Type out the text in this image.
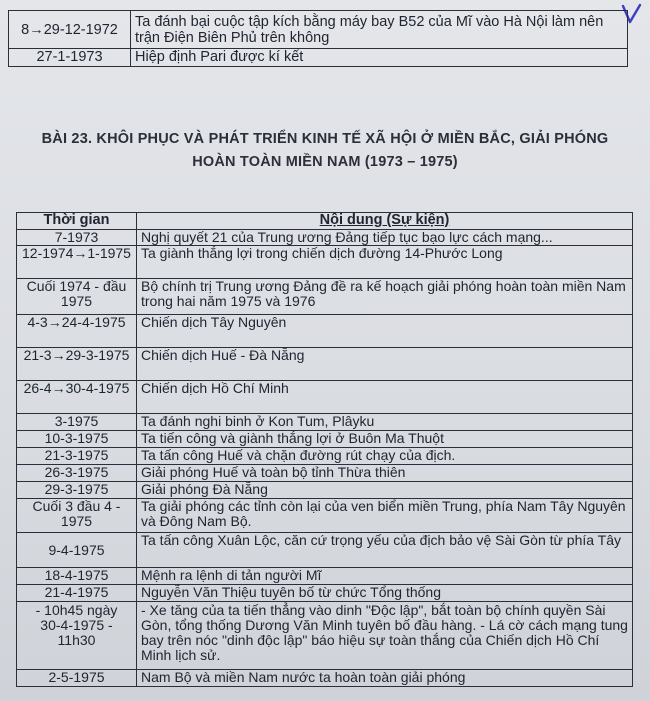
8→29-12-1972	Ta đánh bại cuộc tập kích bằng máy bay B52 của Mĩ vào Hà Nội làm nên trận Điện Biên Phủ trên không
27-1-1973	Hiệp định Pari được kí kết
BÀI 23. KHÔI PHỤC VÀ PHÁT TRIỂN KINH TẾ XÃ HỘI Ở MIỀN BẮC, GIẢI PHÓNG
HOÀN TOÀN MIỀN NAM (1973 – 1975)
Thời gian	Nội dung (Sự kiện)
7-1973	Nghị quyết 21 của Trung ương Đảng tiếp tục bạo lực cách mạng...
12-1974→1-1975	Ta giành thắng lợi trong chiến dịch đường 14-Phước Long
Cuối 1974 - đầu 1975	Bộ chính trị Trung ương Đảng đề ra kế hoạch giải phóng hoàn toàn miền Nam trong hai năm 1975 và 1976
4-3→24-4-1975	Chiến dịch Tây Nguyên
21-3→29-3-1975	Chiến dịch Huế - Đà Nẵng
26-4→30-4-1975	Chiến dịch Hồ Chí Minh
3-1975	Ta đánh nghi binh ở Kon Tum, Plâyku
10-3-1975	Ta tiến công và giành thắng lợi ở Buôn Ma Thuột
21-3-1975	Ta tấn công Huế và chặn đường rút chạy của địch.
26-3-1975	Giải phóng Huế và toàn bộ tỉnh Thừa thiên
29-3-1975	Giải phóng Đà Nẵng
Cuối 3 đầu 4 - 1975	Ta giải phóng các tỉnh còn lại của ven biển miền Trung, phía Nam Tây Nguyên và Đông Nam Bộ.
9-4-1975	Ta tấn công Xuân Lộc, căn cứ trọng yếu của địch bảo vệ Sài Gòn từ phía Tây
18-4-1975	Mệnh ra lệnh di tản người Mĩ
21-4-1975	Nguyễn Văn Thiệu tuyên bố từ chức Tổng thống
- 10h45 ngày 30-4-1975 - 11h30	- Xe tăng của ta tiến thẳng vào dinh "Độc lập", bắt toàn bộ chính quyền Sài Gòn, tổng thống Dương Văn Minh tuyên bố đầu hàng. - Lá cờ cách mạng tung bay trên nóc "dinh độc lập" báo hiệu sự toàn thắng của Chiến dịch Hồ Chí Minh lịch sử.
2-5-1975	Nam Bộ và miền Nam nước ta hoàn toàn giải phóng
